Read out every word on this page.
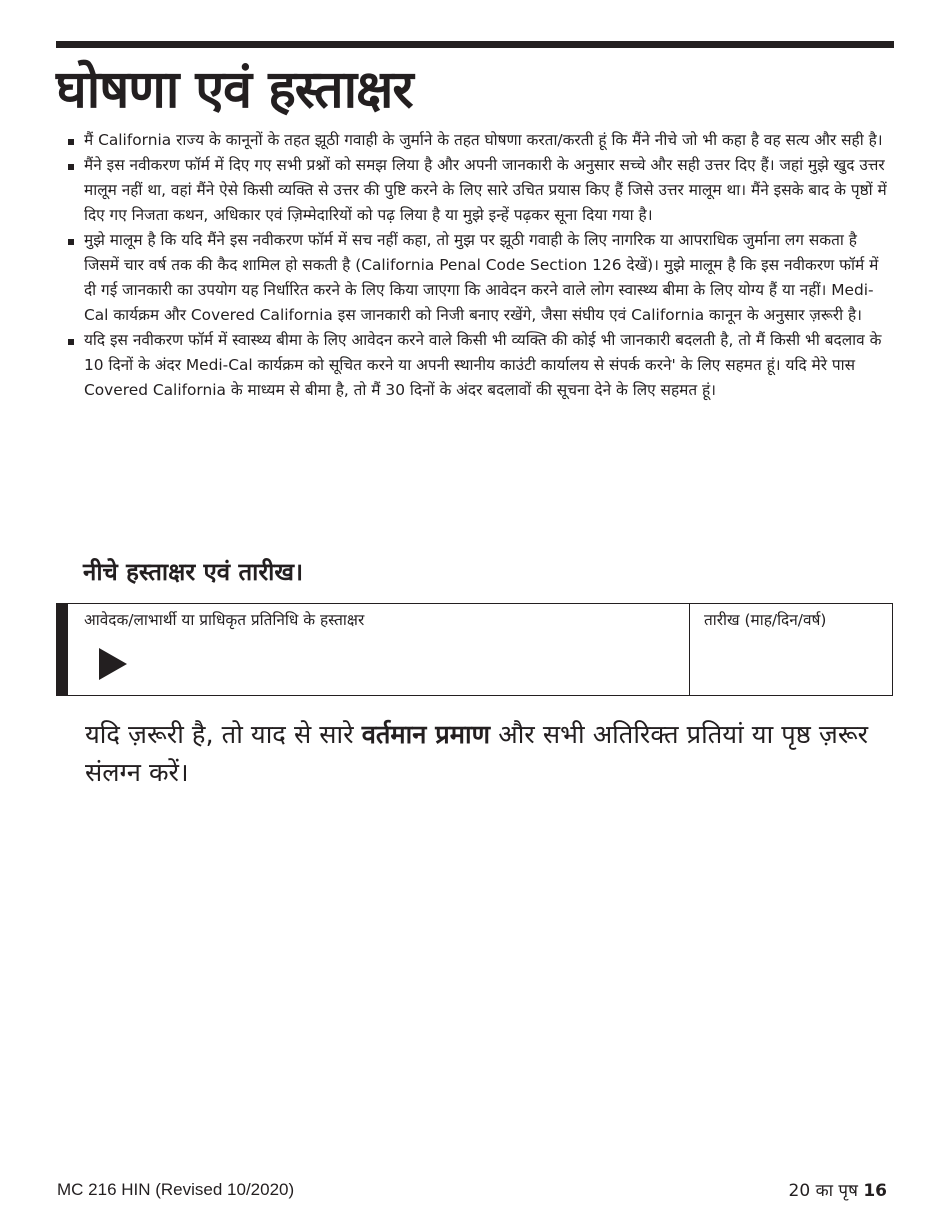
घोषणा एवं हस्ताक्षर
मैं California राज्य के कानूनों के तहत झूठी गवाही के जुर्माने के तहत घोषणा करता/करती हूं कि मैंने नीचे जो भी कहा है वह सत्य और सही है।
मैंने इस नवीकरण फॉर्म में दिए गए सभी प्रश्नों को समझ लिया है और अपनी जानकारी के अनुसार सच्चे और सही उत्तर दिए हैं। जहां मुझे खुद उत्तर मालूम नहीं था, वहां मैंने ऐसे किसी व्यक्ति से उत्तर की पुष्टि करने के लिए सारे उचित प्रयास किए हैं जिसे उत्तर मालूम था। मैंने इसके बाद के पृष्ठों में दिए गए निजता कथन, अधिकार एवं ज़िम्मेदारियों को पढ़ लिया है या मुझे इन्हें पढ़कर सूना दिया गया है।
मुझे मालूम है कि यदि मैंने इस नवीकरण फॉर्म में सच नहीं कहा, तो मुझ पर झूठी गवाही के लिए नागरिक या आपराधिक जुर्माना लग सकता है जिसमें चार वर्ष तक की कैद शामिल हो सकती है (California Penal Code Section 126 देखें)। मुझे मालूम है कि इस नवीकरण फॉर्म में दी गई जानकारी का उपयोग यह निर्धारित करने के लिए किया जाएगा कि आवेदन करने वाले लोग स्वास्थ्य बीमा के लिए योग्य हैं या नहीं। Medi-Cal कार्यक्रम और Covered California इस जानकारी को निजी बनाए रखेंगे, जैसा संघीय एवं California कानून के अनुसार ज़रूरी है।
यदि इस नवीकरण फॉर्म में स्वास्थ्य बीमा के लिए आवेदन करने वाले किसी भी व्यक्ति की कोई भी जानकारी बदलती है, तो मैं किसी भी बदलाव के 10 दिनों के अंदर Medi-Cal कार्यक्रम को सूचित करने या अपनी स्थानीय काउंटी कार्यालय से संपर्क करने' के लिए सहमत हूं। यदि मेरे पास Covered California के माध्यम से बीमा है, तो मैं 30 दिनों के अंदर बदलावों की सूचना देने के लिए सहमत हूं।
नीचे हस्ताक्षर एवं तारीख।
आवेदक/लाभार्थी या प्राधिकृत प्रतिनिधि के हस्ताक्षर	तारीख (माह/दिन/वर्ष)

यदि ज़रूरी है, तो याद से सारे वर्तमान प्रमाण और सभी अतिरिक्त प्रतियां या पृष्ठ ज़रूर संलग्न करें।

MC 216 HIN (Revised 10/2020)	20 का पृष 16
